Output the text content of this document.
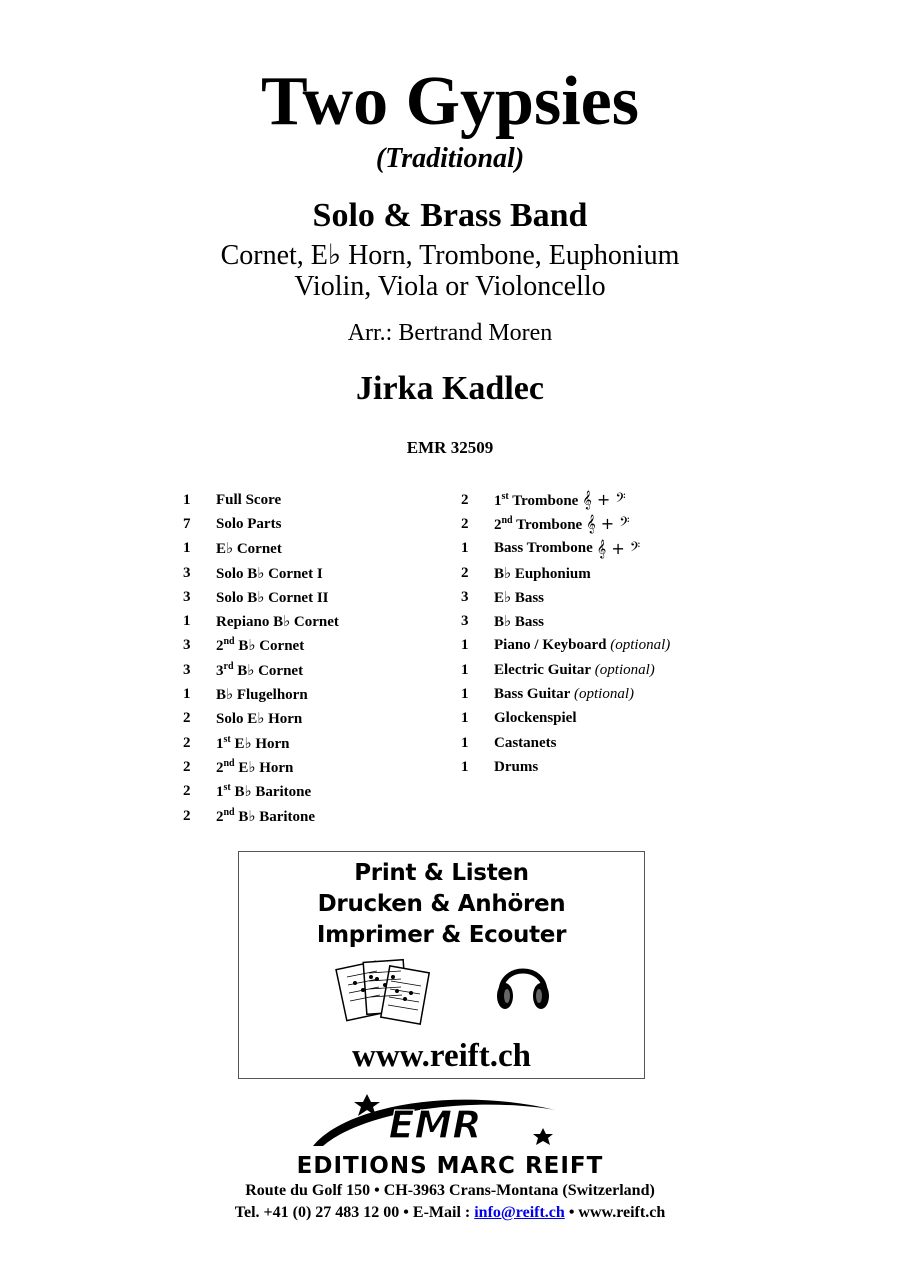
Two Gypsies
(Traditional)
Solo & Brass Band
Cornet, E♭ Horn, Trombone, Euphonium
Violin, Viola or Violoncello
Arr.: Bertrand Moren
Jirka Kadlec
EMR 32509
1	Full Score
7	Solo Parts
1	E♭ Cornet
3	Solo B♭ Cornet I
3	Solo B♭ Cornet II
1	Repiano B♭ Cornet
3	2nd B♭ Cornet
3	3rd B♭ Cornet
1	B♭ Flugelhorn
2	Solo E♭ Horn
2	1st E♭ Horn
2	2nd E♭ Horn
2	1st B♭ Baritone
2	2nd B♭ Baritone
2	1st Trombone 𝄞 + 𝄢
2	2nd Trombone 𝄞 + 𝄢
1	Bass Trombone 𝄞 + 𝄢
2	B♭ Euphonium
3	E♭ Bass
3	B♭ Bass
1	Piano / Keyboard (optional)
1	Electric Guitar (optional)
1	Bass Guitar (optional)
1	Glockenspiel
1	Castanets
1	Drums
Print & Listen
Drucken & Anhören
Imprimer & Ecouter
www.reift.ch
EMR
EDITIONS MARC REIFT
Route du Golf 150 • CH-3963 Crans-Montana (Switzerland)
Tel. +41 (0) 27 483 12 00 • E-Mail : info@reift.ch • www.reift.ch
